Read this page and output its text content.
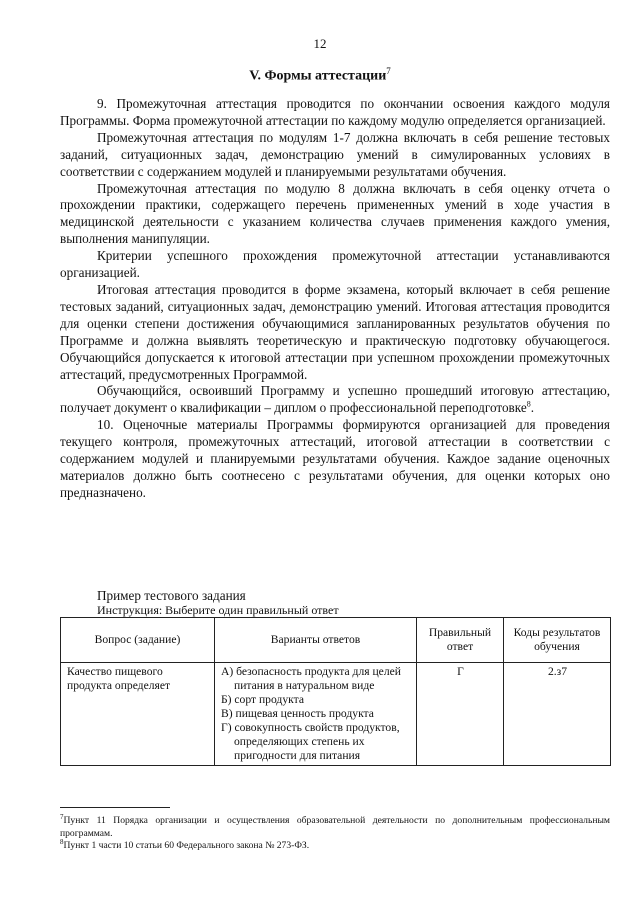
12
V. Формы аттестации$^7$

9. Промежуточная аттестация проводится по окончании освоения каждого модуля Программы. Форма промежуточной аттестации по каждому модулю определяется организацией.

Промежуточная аттестация по модулям 1-7 должна включать в себя решение тестовых заданий, ситуационных задач, демонстрацию умений в симулированных условиях в соответствии с содержанием модулей и планируемыми результатами обучения.

Промежуточная аттестация по модулю 8 должна включать в себя оценку отчета о прохождении практики, содержащего перечень примененных умений в ходе участия в медицинской деятельности с указанием количества случаев применения каждого умения, выполнения манипуляции.

Критерии успешного прохождения промежуточной аттестации устанавливаются организацией.

Итоговая аттестация проводится в форме экзамена, который включает в себя решение тестовых заданий, ситуационных задач, демонстрацию умений. Итоговая аттестация проводится для оценки степени достижения обучающимися запланированных результатов обучения по Программе и должна выявлять теоретическую и практическую подготовку обучающегося. Обучающийся допускается к итоговой аттестации при успешном прохождении промежуточных аттестаций, предусмотренных Программой.

Обучающийся, освоивший Программу и успешно прошедший итоговую аттестацию, получает документ о квалификации – диплом о профессиональной переподготовке$^8$.

10. Оценочные материалы Программы формируются организацией для проведения текущего контроля, промежуточных аттестаций, итоговой аттестации в соответствии с содержанием модулей и планируемыми результатами обучения. Каждое задание оценочных материалов должно быть соотнесено с результатами обучения, для оценки которых оно предназначено.

Пример тестового задания
Инструкция: Выберите один правильный ответ
Вопрос (задание)	Варианты ответов	Правильный ответ	Коды результатов обучения
Качество пищевого продукта определяет	А) безопасность продукта для целей питания в натуральном виде
Б) сорт продукта
В) пищевая ценность продукта
Г) совокупность свойств продуктов, определяющих степень их пригодности для питания	Г	2.з7

$^7$Пункт 11 Порядка организации и осуществления образовательной деятельности по дополнительным профессиональным программам.

$^8$Пункт 1 части 10 статьи 60 Федерального закона № 273-ФЗ.
